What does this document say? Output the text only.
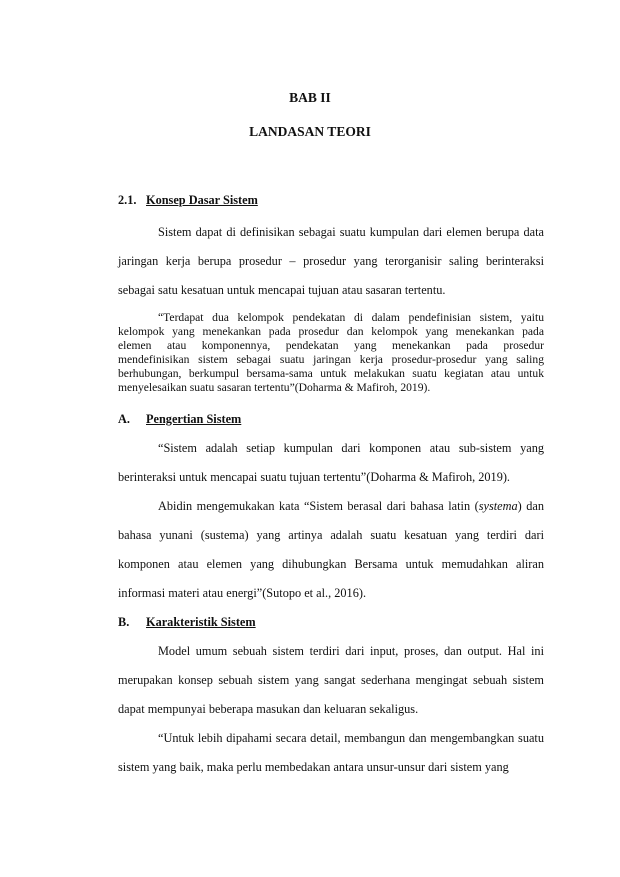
BAB II
LANDASAN TEORI
2.1. Konsep Dasar Sistem
Sistem dapat di definisikan sebagai suatu kumpulan dari elemen berupa data
jaringan kerja berupa prosedur – prosedur yang terorganisir saling berinteraksi
sebagai satu kesatuan untuk mencapai tujuan atau sasaran tertentu.
“Terdapat dua kelompok pendekatan di dalam pendefinisian sistem, yaitu
kelompok yang menekankan pada prosedur dan kelompok yang menekankan pada
elemen atau komponennya, pendekatan yang menekankan pada prosedur
mendefinisikan sistem sebagai suatu jaringan kerja prosedur-prosedur yang saling
berhubungan, berkumpul bersama-sama untuk melakukan suatu kegiatan atau untuk
menyelesaikan suatu sasaran tertentu”(Doharma & Mafiroh, 2019).
A. Pengertian Sistem
“Sistem adalah setiap kumpulan dari komponen atau sub-sistem yang
berinteraksi untuk mencapai suatu tujuan tertentu”(Doharma & Mafiroh, 2019).
Abidin mengemukakan kata “Sistem berasal dari bahasa latin (systema) dan
bahasa yunani (sustema) yang artinya adalah suatu kesatuan yang terdiri dari
komponen atau elemen yang dihubungkan Bersama untuk memudahkan aliran
informasi materi atau energi”(Sutopo et al., 2016).
B. Karakteristik Sistem
Model umum sebuah sistem terdiri dari input, proses, dan output. Hal ini
merupakan konsep sebuah sistem yang sangat sederhana mengingat sebuah sistem
dapat mempunyai beberapa masukan dan keluaran sekaligus.
“Untuk lebih dipahami secara detail, membangun dan mengembangkan suatu
sistem yang baik, maka perlu membedakan antara unsur-unsur dari sistem yang
